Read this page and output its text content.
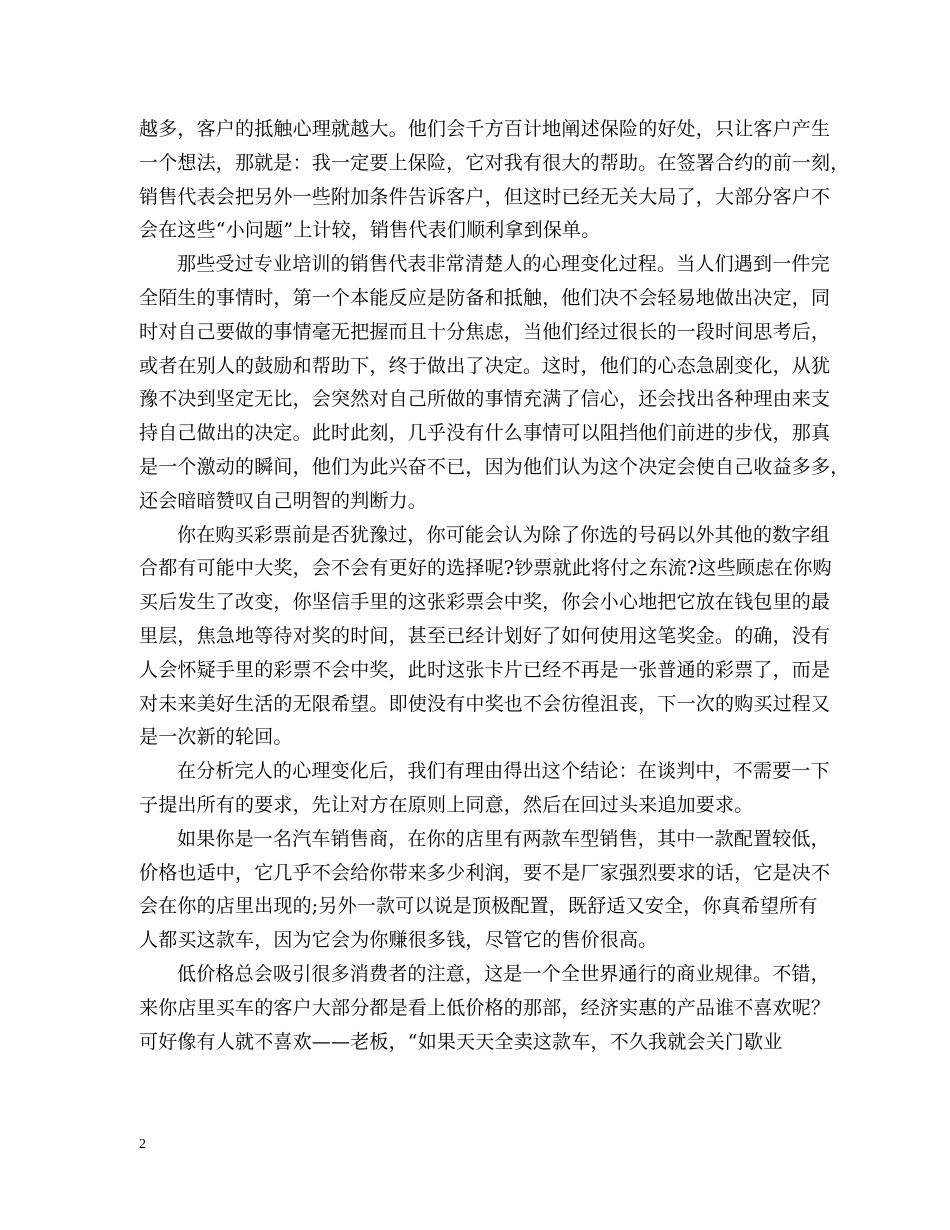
越多，客户的抵触心理就越大。他们会千方百计地阐述保险的好处，只让客户产生
一个想法，那就是：我一定要上保险，它对我有很大的帮助。在签署合约的前一刻，
销售代表会把另外一些附加条件告诉客户，但这时已经无关大局了，大部分客户不
会在这些“小问题”上计较，销售代表们顺利拿到保单。
那些受过专业培训的销售代表非常清楚人的心理变化过程。当人们遇到一件完
全陌生的事情时，第一个本能反应是防备和抵触，他们决不会轻易地做出决定，同
时对自己要做的事情毫无把握而且十分焦虑，当他们经过很长的一段时间思考后，
或者在别人的鼓励和帮助下，终于做出了决定。这时，他们的心态急剧变化，从犹
豫不决到坚定无比，会突然对自己所做的事情充满了信心，还会找出各种理由来支
持自己做出的决定。此时此刻，几乎没有什么事情可以阻挡他们前进的步伐，那真
是一个激动的瞬间，他们为此兴奋不已，因为他们认为这个决定会使自己收益多多，
还会暗暗赞叹自己明智的判断力。
你在购买彩票前是否犹豫过，你可能会认为除了你选的号码以外其他的数字组
合都有可能中大奖，会不会有更好的选择呢?钞票就此将付之东流?这些顾虑在你购
买后发生了改变，你坚信手里的这张彩票会中奖，你会小心地把它放在钱包里的最
里层，焦急地等待对奖的时间，甚至已经计划好了如何使用这笔奖金。的确，没有
人会怀疑手里的彩票不会中奖，此时这张卡片已经不再是一张普通的彩票了，而是
对未来美好生活的无限希望。即使没有中奖也不会彷徨沮丧，下一次的购买过程又
是一次新的轮回。
在分析完人的心理变化后，我们有理由得出这个结论：在谈判中，不需要一下
子提出所有的要求，先让对方在原则上同意，然后在回过头来追加要求。
如果你是一名汽车销售商，在你的店里有两款车型销售，其中一款配置较低，
价格也适中，它几乎不会给你带来多少利润，要不是厂家强烈要求的话，它是决不
会在你的店里出现的;另外一款可以说是顶极配置，既舒适又安全，你真希望所有
人都买这款车，因为它会为你赚很多钱，尽管它的售价很高。
低价格总会吸引很多消费者的注意，这是一个全世界通行的商业规律。不错，
来你店里买车的客户大部分都是看上低价格的那部，经济实惠的产品谁不喜欢呢？
可好像有人就不喜欢——老板，“如果天天全卖这款车，不久我就会关门歇业
2
